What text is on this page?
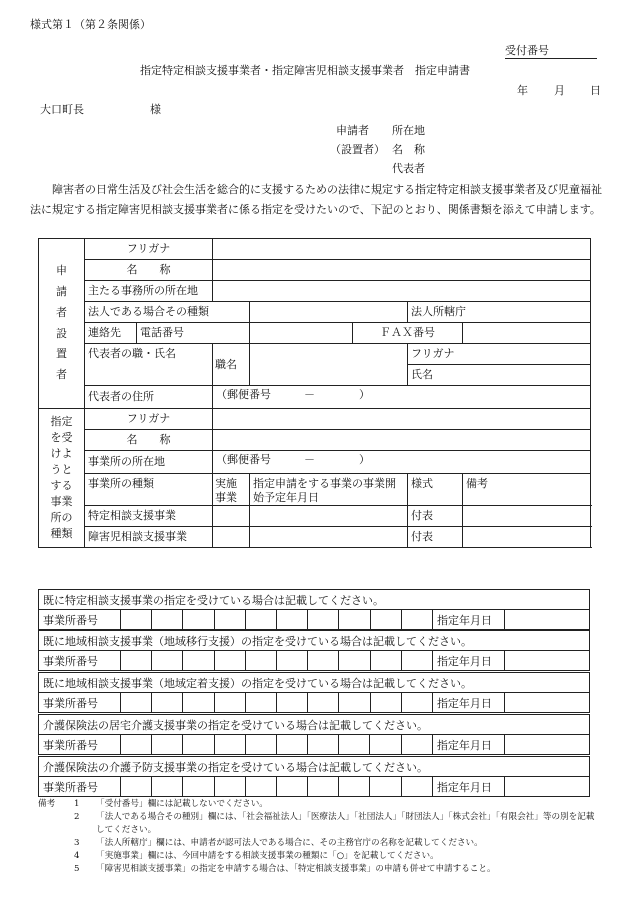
様式第１（第２条関係）
受付番号
指定特定相談支援事業者・指定障害児相談支援事業者　指定申請書
年 月 日
大口町長	様
申請者 所在地
（設置者） 名　称
代表者
障害者の日常生活及び社会生活を総合的に支援するための法律に規定する指定特定相談支援事業者及び児童福祉法に規定する指定障害児相談支援事業者に係る指定を受けたいので、下記のとおり、関係書類を添えて申請します。
申請者　設置者	フリガナ							
	名　　称							
	主たる事務所の所在地							

	法人である場合その種類					法人所轄庁		
	連絡先	電話番号			ＦＡＸ番号			
	代表者の職・氏名		職名			フリガナ		
						氏名		
	代表者の住所		（郵便番号　　　－　　　　）					

指定を受けようとする事業所の種類	フリガナ							
	名　　称							
	事業所の所在地		（郵便番号　　　－　　　　）					

	事業所の種類		実施事業	指定申請をする事業の事業開始予定年月日		様式	備考	

	特定相談支援事業					付表		
	障害児相談支援事業					付表		
既に特定相談支援事業の指定を受けている場合は記載してください。
事業所番号											指定年月日	
既に地域相談支援事業（地域移行支援）の指定を受けている場合は記載してください。
事業所番号											指定年月日	
既に地域相談支援事業（地域定着支援）の指定を受けている場合は記載してください。
事業所番号											指定年月日	
介護保険法の居宅介護支援事業の指定を受けている場合は記載してください。
事業所番号											指定年月日	
介護保険法の介護予防支援事業の指定を受けている場合は記載してください。
事業所番号											指定年月日	
備考	1	「受付番号」欄には記載しないでください。
2	「法人である場合その種別」欄には、「社会福祉法人」「医療法人」「社団法人」「財団法人」「株式会社」「有限会社」等の別を記載してください。
3	「法人所轄庁」欄には、申請者が認可法人である場合に、その主務官庁の名称を記載してください。
4	「実施事業」欄には、今回申請をする相談支援事業の種類に「○」を記載してください。
5	「障害児相談支援事業」の指定を申請する場合は、「特定相談支援事業」の申請も併せて申請すること。
